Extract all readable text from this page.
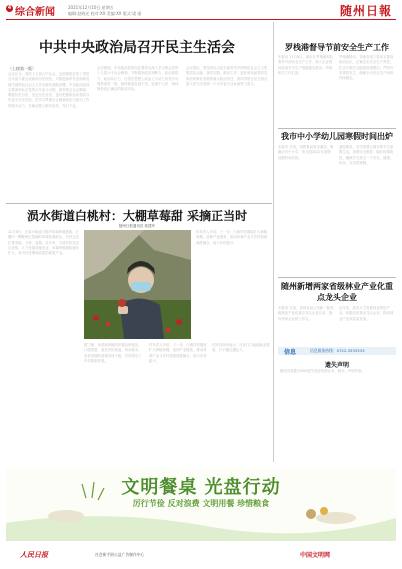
4 综合新闻	2021年12月10日 星期五
编辑:赵晓光 校对:XX 美编:XX 版式:梁 丽	随州日報
中共中央政治局召开民主生活会
（上接第一版）
会议认为，党的十九届六中全会，全面系统总结了党的百年奋斗重大成就和历史经验，对推进新时代坚持和发展中国特色社会主义作出新的战略部署。中央政治局同志要深刻认识党的百年奋斗历程，深刻领会全会精神，增强历史自觉，坚定历史自信，更好把握和运用党的百年奋斗历史经验，把学习贯彻全会精神转化为推动工作的强大动力，在新征程上踔厉奋发、笃行不怠。
会议强调，中央政治局的同志要带头深入学习领会党的十九届六中全会精神，不断提高政治判断力、政治领悟力、政治执行力，自觉在思想上政治上行动上同党中央保持高度一致，始终做到忠诚于党、忠诚于人民，始终保持清正廉洁的政治本色。
会议指出，要坚持以习近平新时代中国特色社会主义思想武装头脑、指导实践、推动工作，更好肩负起领导党和国家事业发展的重大政治责任，团结带领全党全国各族人民为实现第二个百年奋斗目标而努力奋斗。
罗栈港督导节前安全生产工作
本报讯 12月8日，副市长罗栈港率队督导节前安全生产工作，深入企业现场检查安全生产措施落实情况，听取相关工作汇报。
罗栈港指出，各地各部门要切实提高政治站位，压紧压实安全生产责任，扎实开展安全隐患排查整治，严防各类事故发生，确保全市安全生产形势持续稳定。
我市中小学幼儿园寒假时间出炉
本报讯 日前，市教育局发布通知，明确全市中小学、幼儿园2022年寒假放假时间安排。
通知要求，各学校要合理安排学生寒假生活，加强安全教育，做好疫情防控，确保学生度过一个安全、健康、快乐、充实的寒假。
涢水街道白桃村：大棚草莓甜 采摘正当时
随州日报通讯员 郭建军
12月8日，在涢水街道白桃村草莓种植基地，大棚内一颗颗鲜红饱满的草莓挂满枝头，村民正在忙着采摘、分拣、装箱。近年来，白桃村依托区位优势，大力发展设施农业，草莓种植面积逐年扩大，成为村民增收致富的重要产业。
据了解，该基地种植的草莓品种优良，口感香甜，深受市民欢迎。每到周末，前来采摘的游客络绎不绝，有效带动了乡村旅游发展。
村负责人介绍，下一步，白桃村将继续扩大种植规模，延伸产业链条，推动草莓产业与乡村旅游深度融合，助力乡村振兴。
村民们纷纷表示，在家门口就能就业增收，日子越过越红火。
村负责人介绍，下一步，白桃村将继续扩大种植规模，延伸产业链条，推动草莓产业与乡村旅游深度融合，助力乡村振兴。
随州新增两家省级林业产业化重点龙头企业
本报讯 日前，省林业局公布新一批省级林业产业化重点龙头企业名单，我市两家企业榜上有名。
近年来，我市大力发展林业特色产业，积极培育林业龙头企业，推动林业产业高质量发展。
信息	信息服务热线：0722-3333333
遗失声明
随州市曾都区XXX遗失营业执照正本、副本，声明作废。
文明餐桌 光盘行动
厉行节俭 反对浪费 文明用餐 珍惜粮食
人民日报	社会新手册公益广告制作中心	中国文明网
